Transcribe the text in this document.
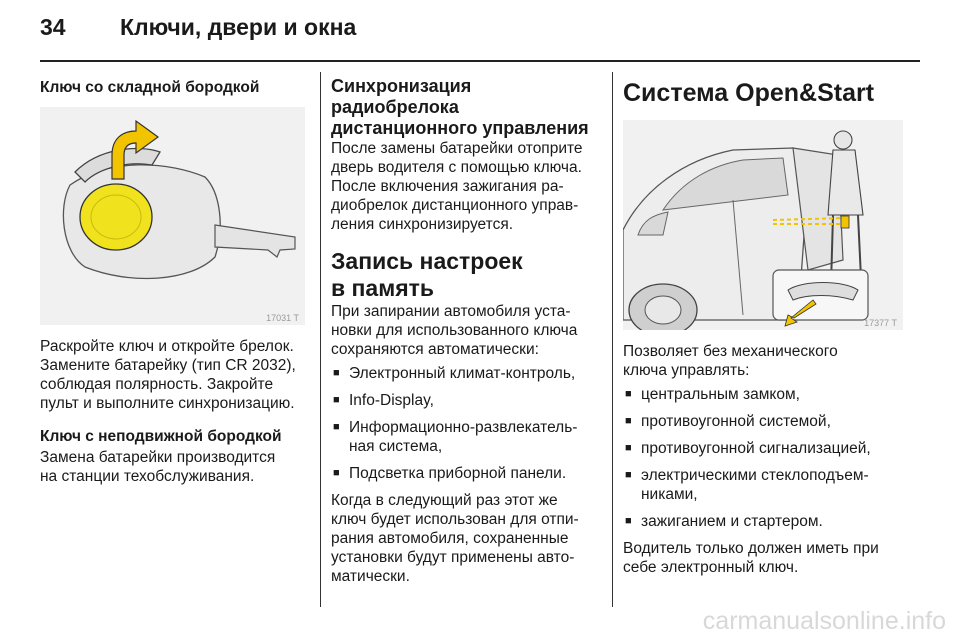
34 Ключи, двери и окна
Ключ со складной бородкой
17031 T

Раскройте ключ и откройте брелок.

Замените батарейку (тип CR 2032),

соблюдая полярность. Закройте

пульт и выполните синхронизацию.

Ключ с неподвижной бородкой

Замена батарейки производится

на станции техобслуживания.

Синхронизация
радиобрелока
дистанционного управления

После замены батарейки отоприте

дверь водителя с помощью ключа.

После включения зажигания ра-

диобрелок дистанционного управ-

ления синхронизируется.

Запись настроек
в память

При запирании автомобиля уста-

новки для использованного ключа

сохраняются автоматически:

■ Электронный климат-контроль,
■ Info-Display,
■ Информационно-развлекатель-
ная система,
■ Подсветка приборной панели.

Когда в следующий раз этот же

ключ будет использован для отпи-

рания автомобиля, сохраненные

установки будут применены авто-

матически.

Система Open&Start
17377 T

Позволяет без механического

ключа управлять:

■ центральным замком,
■ противоугонной системой,
■ противоугонной сигнализацией,
■ электрическими стеклоподъем-
никами,
■ зажиганием и стартером.

Водитель только должен иметь при

себе электронный ключ.

carmanualsonline.info
